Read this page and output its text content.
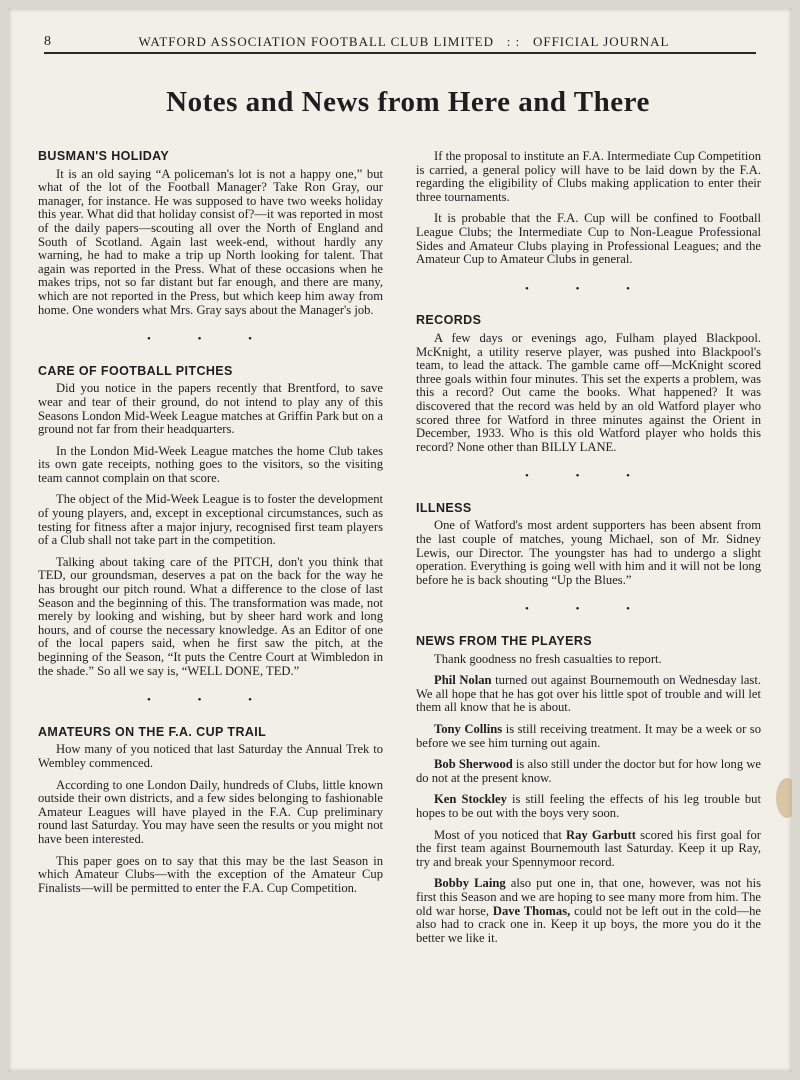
8	WATFORD ASSOCIATION FOOTBALL CLUB LIMITED : : OFFICIAL JOURNAL
Notes and News from Here and There
BUSMAN'S HOLIDAY

It is an old saying “A policeman's lot is not a happy one,” but what of the lot of the Football Manager? Take Ron Gray, our manager, for instance. He was supposed to have two weeks holiday this year. What did that holiday consist of?—it was reported in most of the daily papers—scouting all over the North of England and South of Scotland. Again last week-end, without hardly any warning, he had to make a trip up North looking for talent. That again was reported in the Press. What of these occasions when he makes trips, not so far distant but far enough, and there are many, which are not reported in the Press, but which keep him away from home. One wonders what Mrs. Gray says about the Manager's job.

• • •
CARE OF FOOTBALL PITCHES

Did you notice in the papers recently that Brentford, to save wear and tear of their ground, do not intend to play any of this Seasons London Mid-Week League matches at Griffin Park but on a ground not far from their headquarters.

In the London Mid-Week League matches the home Club takes its own gate receipts, nothing goes to the visitors, so the visiting team cannot complain on that score.

The object of the Mid-Week League is to foster the development of young players, and, except in exceptional circumstances, such as testing for fitness after a major injury, recognised first team players of a Club shall not take part in the competition.

Talking about taking care of the PITCH, don't you think that TED, our groundsman, deserves a pat on the back for the way he has brought our pitch round. What a difference to the close of last Season and the beginning of this. The transformation was made, not merely by looking and wishing, but by sheer hard work and long hours, and of course the necessary knowledge. As an Editor of one of the local papers said, when he first saw the pitch, at the beginning of the Season, “It puts the Centre Court at Wimbledon in the shade.” So all we say is, “WELL DONE, TED.”

• • •
AMATEURS ON THE F.A. CUP TRAIL

How many of you noticed that last Saturday the Annual Trek to Wembley commenced.

According to one London Daily, hundreds of Clubs, little known outside their own districts, and a few sides belonging to fashionable Amateur Leagues will have played in the F.A. Cup preliminary round last Saturday. You may have seen the results or you might not have been interested.

This paper goes on to say that this may be the last Season in which Amateur Clubs—with the exception of the Amateur Cup Finalists—will be permitted to enter the F.A. Cup Competition.

If the proposal to institute an F.A. Intermediate Cup Competition is carried, a general policy will have to be laid down by the F.A. regarding the eligibility of Clubs making application to enter their three tournaments.

It is probable that the F.A. Cup will be confined to Football League Clubs; the Intermediate Cup to Non-League Professional Sides and Amateur Clubs playing in Professional Leagues; and the Amateur Cup to Amateur Clubs in general.

• • •
RECORDS

A few days or evenings ago, Fulham played Blackpool. McKnight, a utility reserve player, was pushed into Blackpool's team, to lead the attack. The gamble came off—McKnight scored three goals within four minutes. This set the experts a problem, was this a record? Out came the books. What happened? It was discovered that the record was held by an old Watford player who scored three for Watford in three minutes against the Orient in December, 1933. Who is this old Watford player who holds this record? None other than BILLY LANE.

• • •
ILLNESS

One of Watford's most ardent supporters has been absent from the last couple of matches, young Michael, son of Mr. Sidney Lewis, our Director. The youngster has had to undergo a slight operation. Everything is going well with him and it will not be long before he is back shouting “Up the Blues.”

• • •
NEWS FROM THE PLAYERS

Thank goodness no fresh casualties to report.

Phil Nolan turned out against Bournemouth on Wednesday last. We all hope that he has got over his little spot of trouble and will let them all know that he is about.

Tony Collins is still receiving treatment. It may be a week or so before we see him turning out again.

Bob Sherwood is also still under the doctor but for how long we do not at the present know.

Ken Stockley is still feeling the effects of his leg trouble but hopes to be out with the boys very soon.

Most of you noticed that Ray Garbutt scored his first goal for the first team against Bournemouth last Saturday. Keep it up Ray, try and break your Spennymoor record.

Bobby Laing also put one in, that one, however, was not his first this Season and we are hoping to see many more from him. The old war horse, Dave Thomas, could not be left out in the cold—he also had to crack one in. Keep it up boys, the more you do it the better we like it.
